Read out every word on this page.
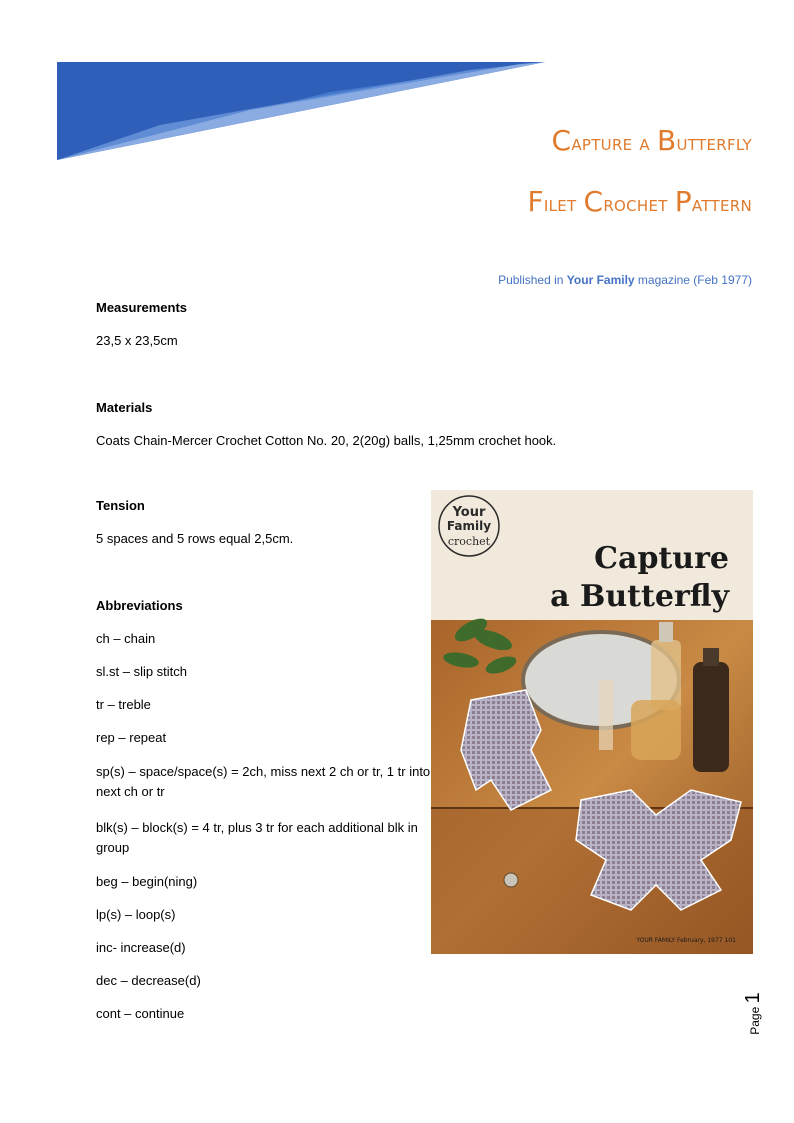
Capture a Butterfly
Filet Crochet Pattern
Published in Your Family magazine (Feb 1977)
Measurements
23,5 x 23,5cm
Materials
Coats Chain-Mercer Crochet Cotton No. 20, 2(20g) balls, 1,25mm crochet hook.
Tension
5 spaces and 5 rows equal 2,5cm.
Abbreviations
ch – chain
sl.st – slip stitch
tr – treble
rep – repeat
sp(s) – space/space(s) = 2ch, miss next 2 ch or tr, 1 tr into next ch or tr
blk(s) – block(s) = 4 tr, plus 3 tr for each additional blk in group
beg – begin(ning)
lp(s) – loop(s)
inc- increase(d)
dec – decrease(d)
cont – continue
Your
Family
crochet	Capture
a Butterfly
YOUR FAMILY February, 1977 101
Page 1
